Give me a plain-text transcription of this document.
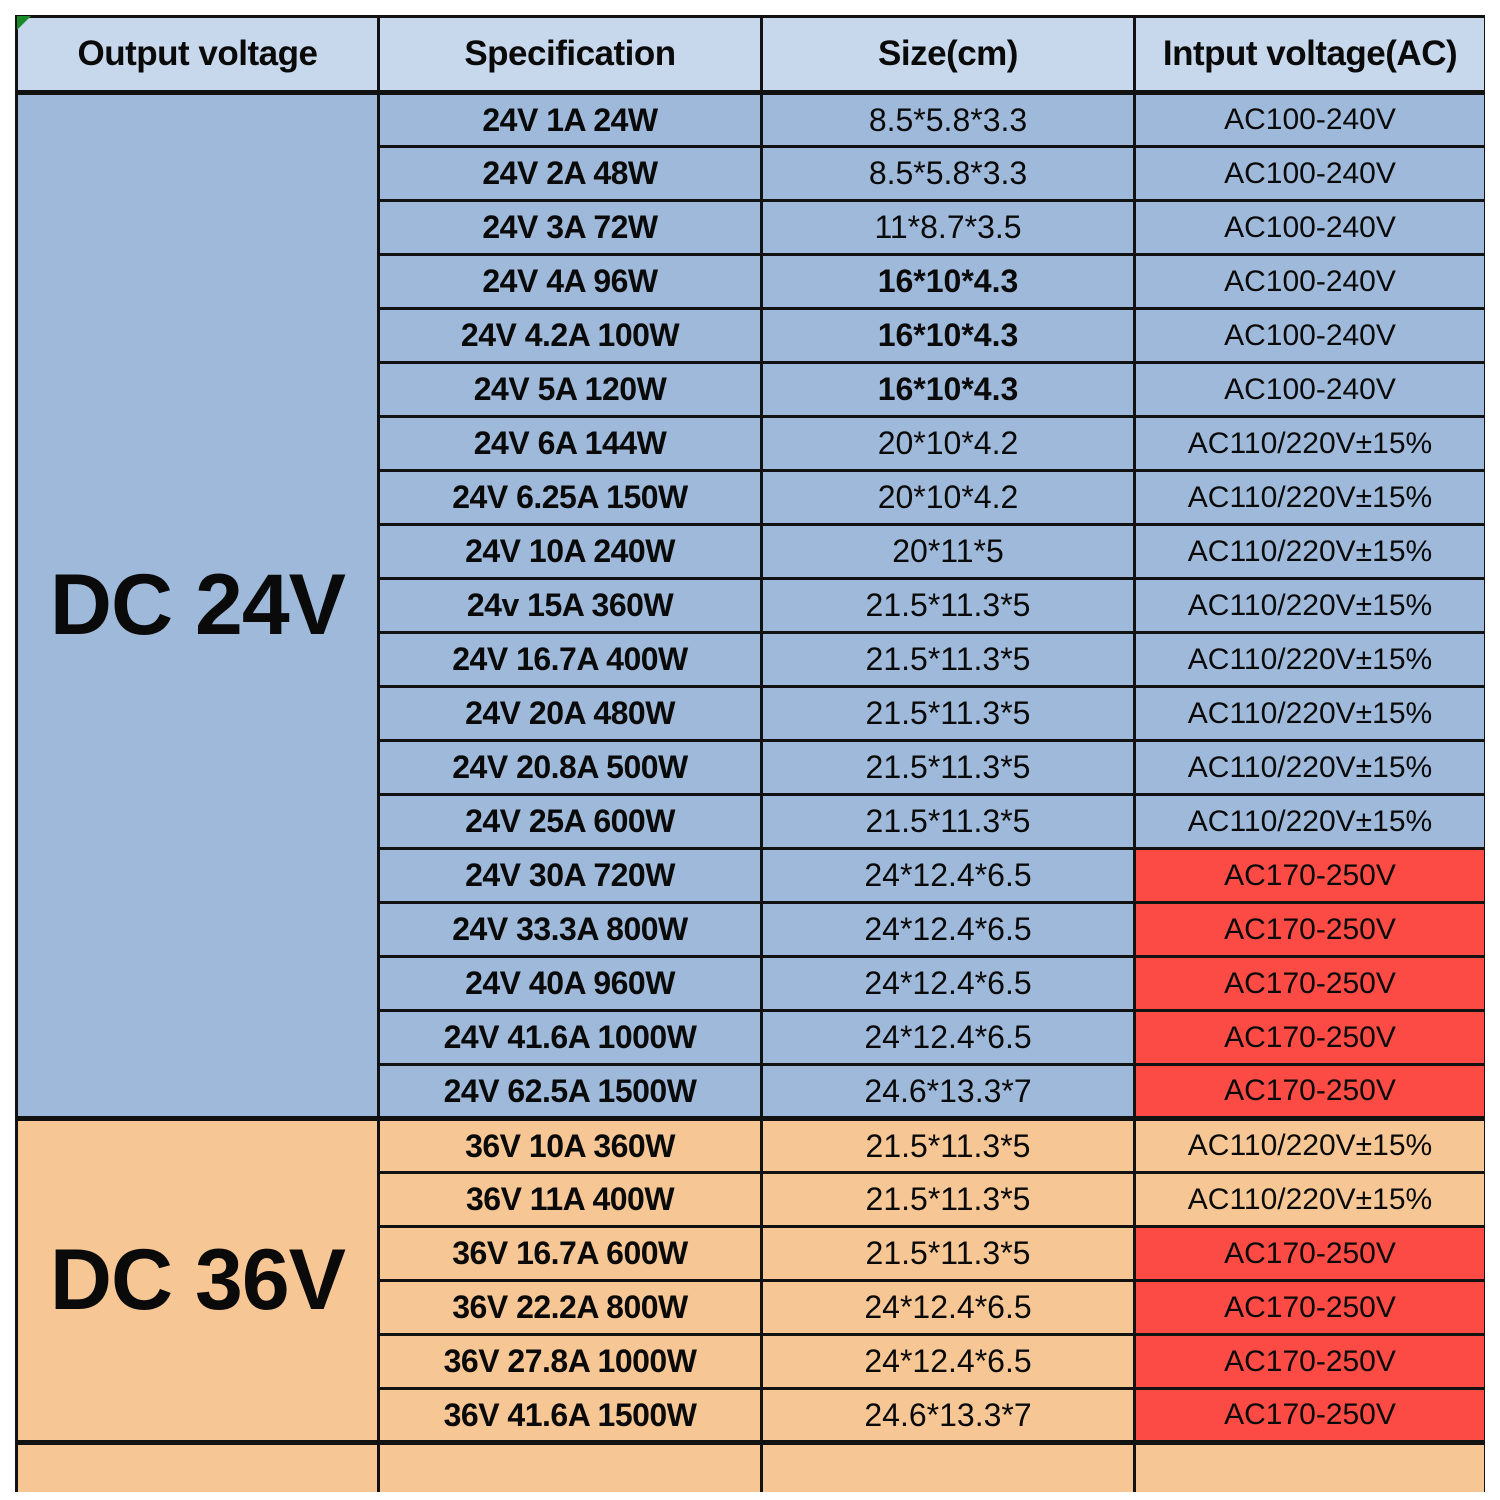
Output voltage	Specification	Size(cm)	Intput voltage(AC)
DC 24V	24V 1A 24W	8.5*5.8*3.3	AC100-240V
	24V 2A 48W	8.5*5.8*3.3	AC100-240V
	24V 3A 72W	11*8.7*3.5	AC100-240V
	24V 4A 96W	16*10*4.3	AC100-240V
	24V 4.2A 100W	16*10*4.3	AC100-240V
	24V 5A 120W	16*10*4.3	AC100-240V
	24V 6A 144W	20*10*4.2	AC110/220V±15%
	24V 6.25A 150W	20*10*4.2	AC110/220V±15%
	24V 10A 240W	20*11*5	AC110/220V±15%
	24v 15A 360W	21.5*11.3*5	AC110/220V±15%
	24V 16.7A 400W	21.5*11.3*5	AC110/220V±15%
	24V 20A 480W	21.5*11.3*5	AC110/220V±15%
	24V 20.8A 500W	21.5*11.3*5	AC110/220V±15%
	24V 25A 600W	21.5*11.3*5	AC110/220V±15%
	24V 30A 720W	24*12.4*6.5	AC170-250V
	24V 33.3A 800W	24*12.4*6.5	AC170-250V
	24V 40A 960W	24*12.4*6.5	AC170-250V
	24V 41.6A 1000W	24*12.4*6.5	AC170-250V
	24V 62.5A 1500W	24.6*13.3*7	AC170-250V
DC 36V	36V 10A 360W	21.5*11.3*5	AC110/220V±15%
	36V 11A 400W	21.5*11.3*5	AC110/220V±15%
	36V 16.7A 600W	21.5*11.3*5	AC170-250V
	36V 22.2A 800W	24*12.4*6.5	AC170-250V
	36V 27.8A 1000W	24*12.4*6.5	AC170-250V
	36V 41.6A 1500W	24.6*13.3*7	AC170-250V
